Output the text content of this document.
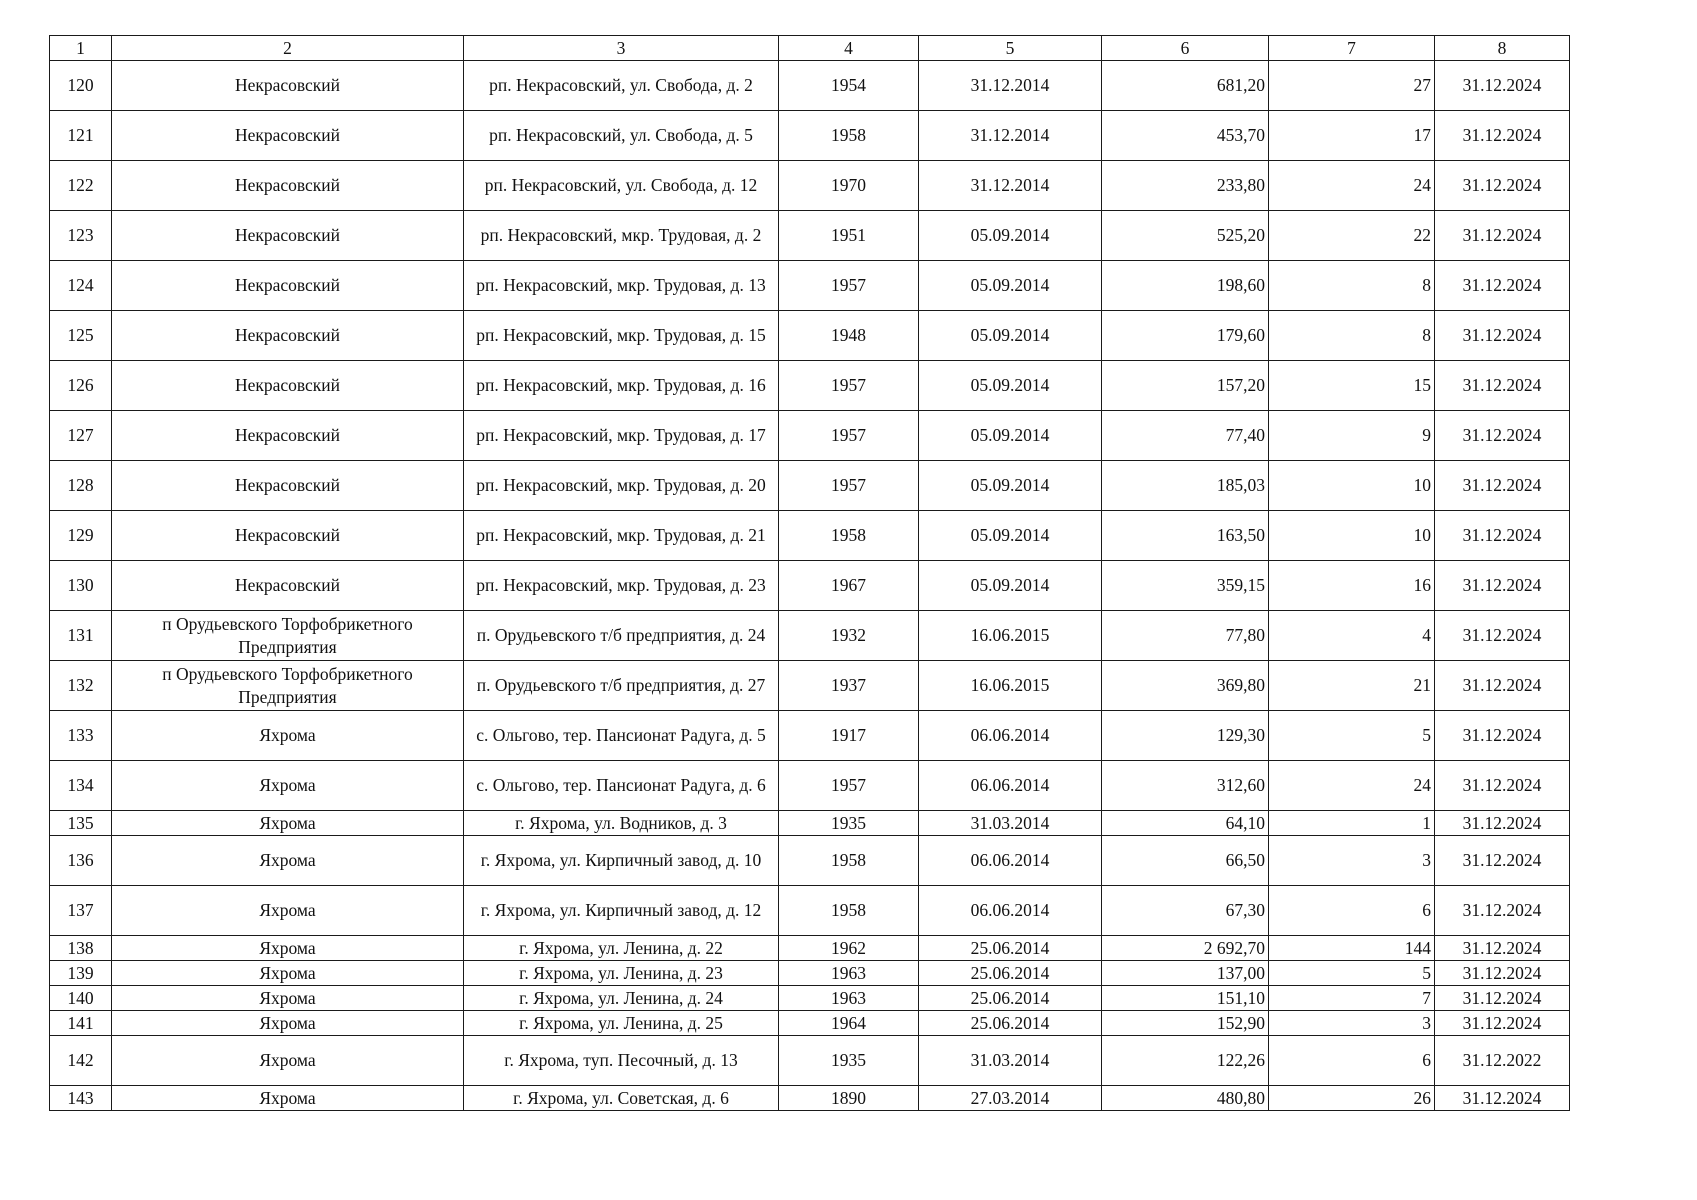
1	2	3	4	5	6	7	8
120	Некрасовский	рп. Некрасовский, ул. Свобода, д. 2	1954	31.12.2014	681,20	27	31.12.2024
121	Некрасовский	рп. Некрасовский, ул. Свобода, д. 5	1958	31.12.2014	453,70	17	31.12.2024
122	Некрасовский	рп. Некрасовский, ул. Свобода, д. 12	1970	31.12.2014	233,80	24	31.12.2024
123	Некрасовский	рп. Некрасовский, мкр. Трудовая, д. 2	1951	05.09.2014	525,20	22	31.12.2024
124	Некрасовский	рп. Некрасовский, мкр. Трудовая, д. 13	1957	05.09.2014	198,60	8	31.12.2024
125	Некрасовский	рп. Некрасовский, мкр. Трудовая, д. 15	1948	05.09.2014	179,60	8	31.12.2024
126	Некрасовский	рп. Некрасовский, мкр. Трудовая, д. 16	1957	05.09.2014	157,20	15	31.12.2024
127	Некрасовский	рп. Некрасовский, мкр. Трудовая, д. 17	1957	05.09.2014	77,40	9	31.12.2024
128	Некрасовский	рп. Некрасовский, мкр. Трудовая, д. 20	1957	05.09.2014	185,03	10	31.12.2024
129	Некрасовский	рп. Некрасовский, мкр. Трудовая, д. 21	1958	05.09.2014	163,50	10	31.12.2024
130	Некрасовский	рп. Некрасовский, мкр. Трудовая, д. 23	1967	05.09.2014	359,15	16	31.12.2024
131	п Орудьевского Торфобрикетного Предприятия	п. Орудьевского т/б предприятия, д. 24	1932	16.06.2015	77,80	4	31.12.2024
132	п Орудьевского Торфобрикетного Предприятия	п. Орудьевского т/б предприятия, д. 27	1937	16.06.2015	369,80	21	31.12.2024
133	Яхрома	с. Ольгово, тер. Пансионат Радуга, д. 5	1917	06.06.2014	129,30	5	31.12.2024
134	Яхрома	с. Ольгово, тер. Пансионат Радуга, д. 6	1957	06.06.2014	312,60	24	31.12.2024
135	Яхрома	г. Яхрома, ул. Водников, д. 3	1935	31.03.2014	64,10	1	31.12.2024
136	Яхрома	г. Яхрома, ул. Кирпичный завод, д. 10	1958	06.06.2014	66,50	3	31.12.2024
137	Яхрома	г. Яхрома, ул. Кирпичный завод, д. 12	1958	06.06.2014	67,30	6	31.12.2024
138	Яхрома	г. Яхрома, ул. Ленина, д. 22	1962	25.06.2014	2 692,70	144	31.12.2024
139	Яхрома	г. Яхрома, ул. Ленина, д. 23	1963	25.06.2014	137,00	5	31.12.2024
140	Яхрома	г. Яхрома, ул. Ленина, д. 24	1963	25.06.2014	151,10	7	31.12.2024
141	Яхрома	г. Яхрома, ул. Ленина, д. 25	1964	25.06.2014	152,90	3	31.12.2024
142	Яхрома	г. Яхрома, туп. Песочный, д. 13	1935	31.03.2014	122,26	6	31.12.2022
143	Яхрома	г. Яхрома, ул. Советская, д. 6	1890	27.03.2014	480,80	26	31.12.2024
